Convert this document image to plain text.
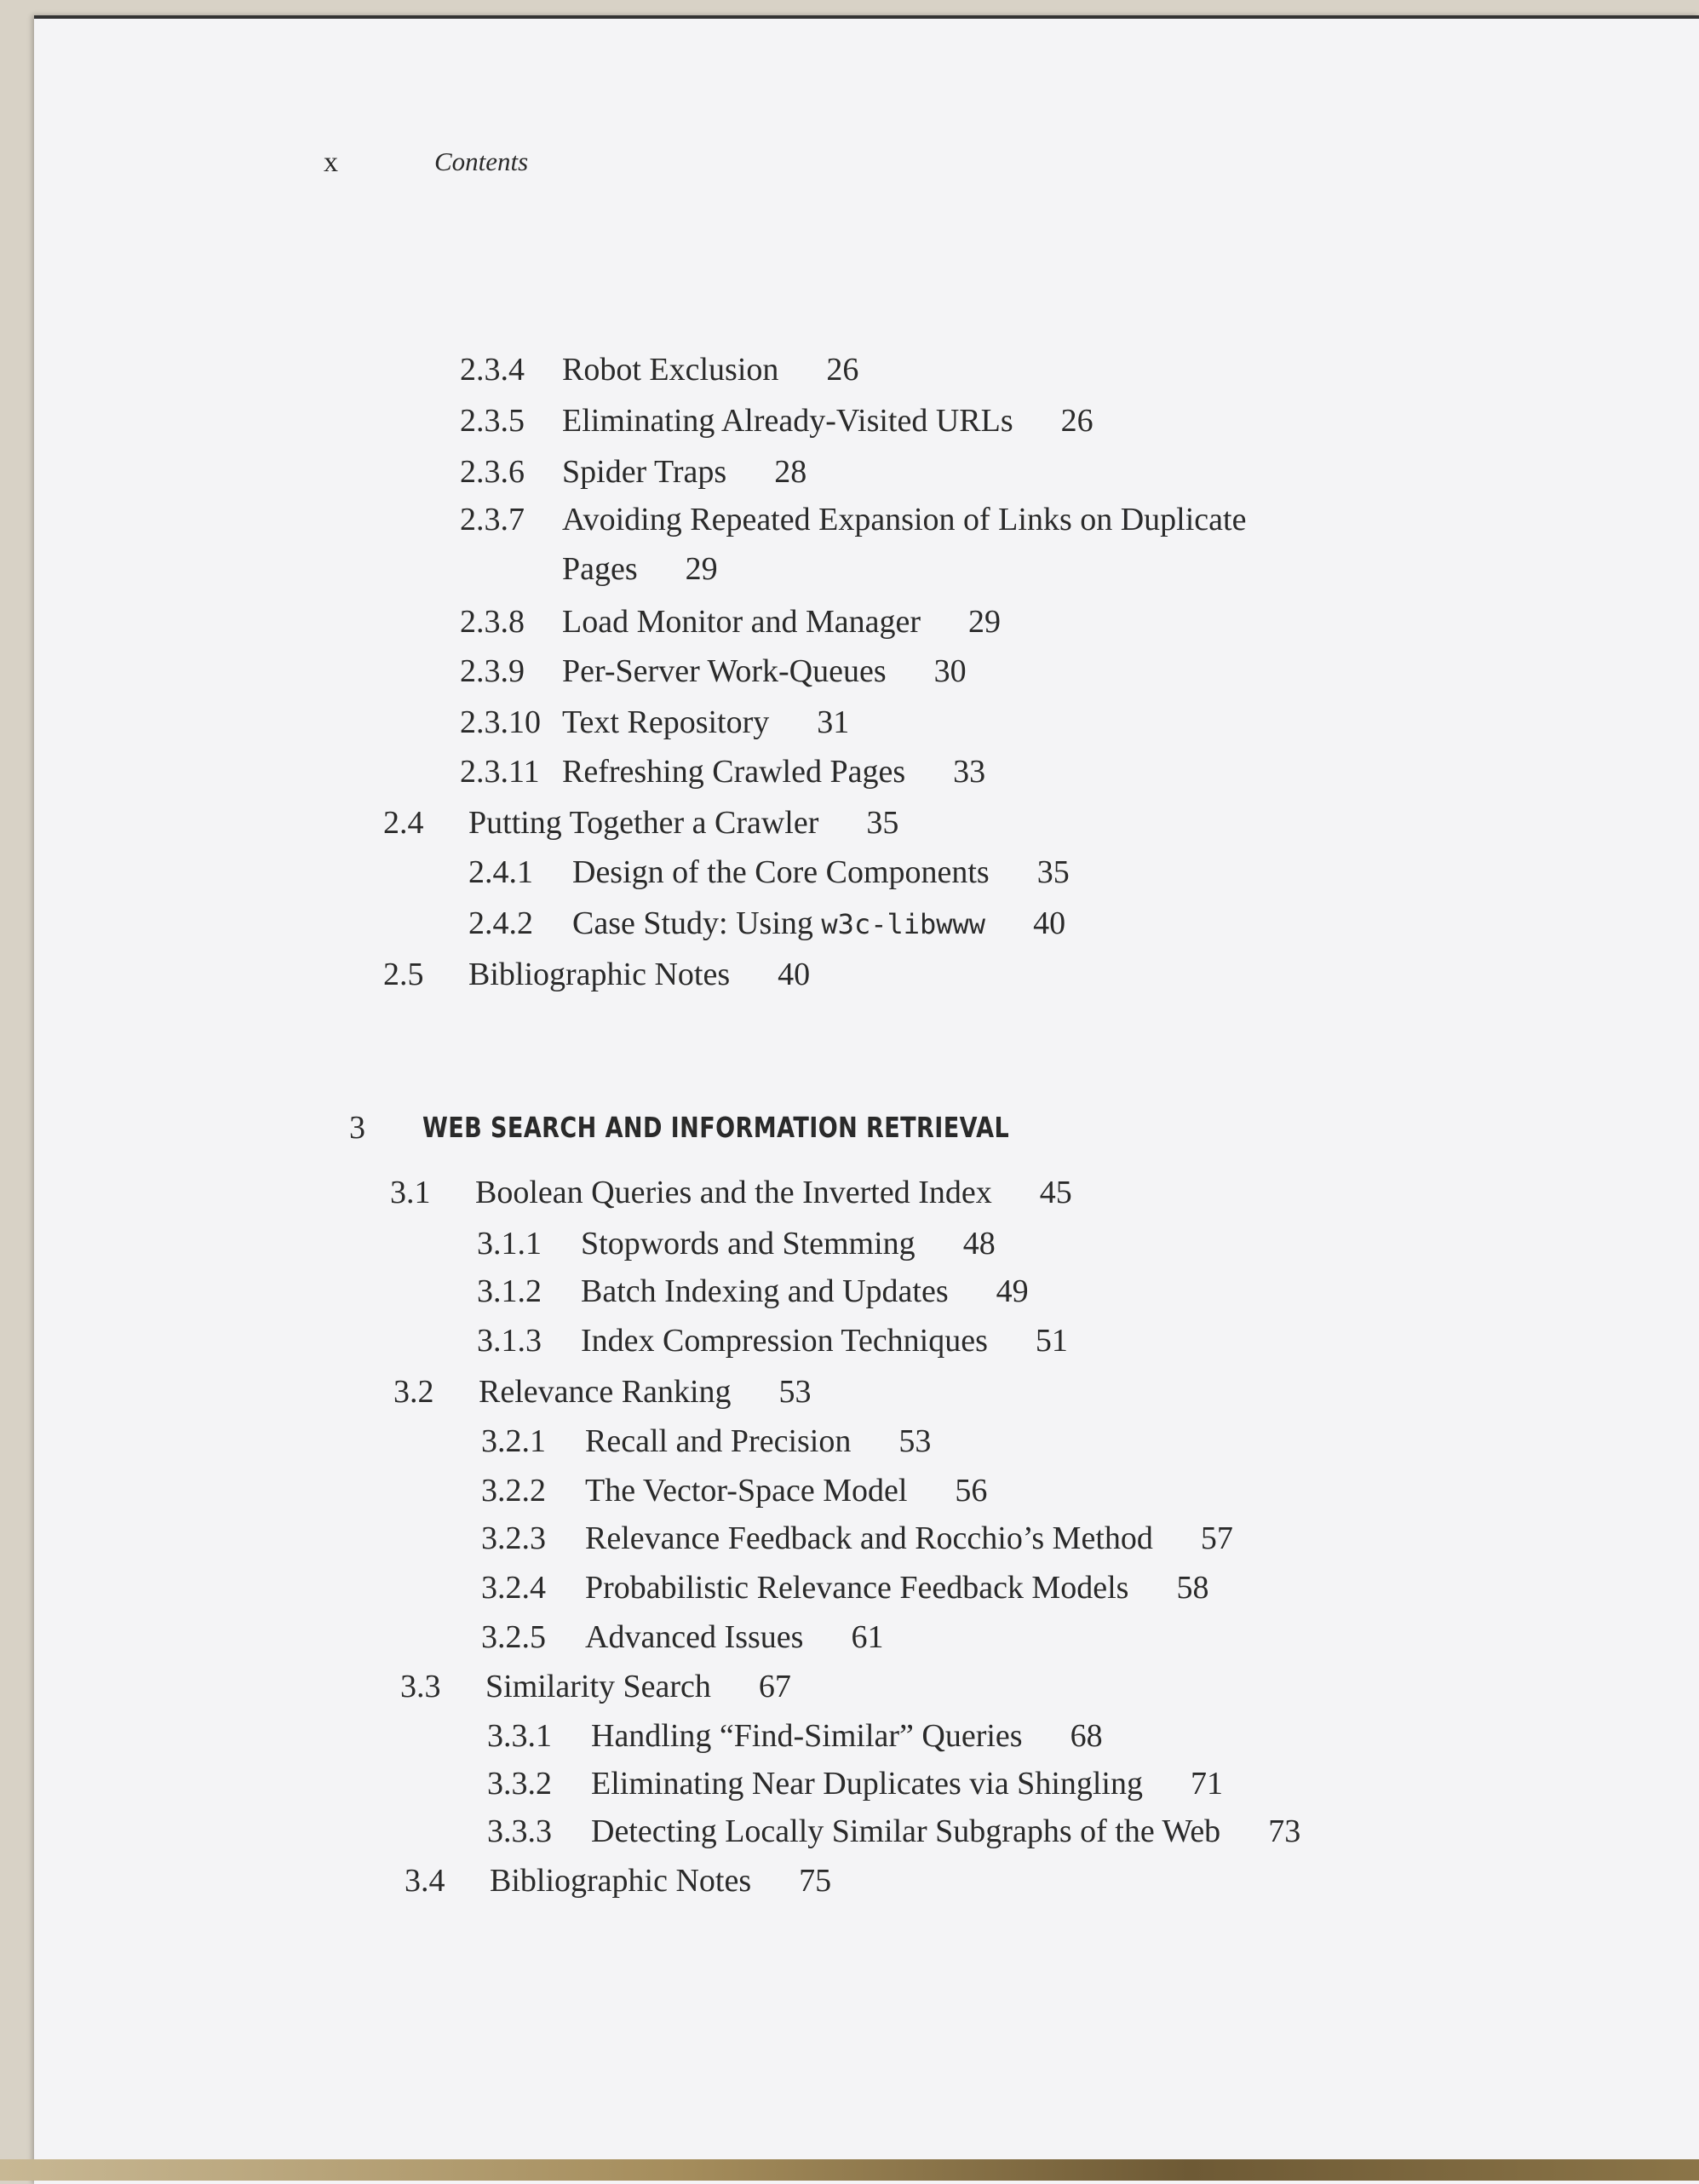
x	Contents
2.3.4 Robot Exclusion 26
2.3.5 Eliminating Already-Visited URLs 26
2.3.6 Spider Traps 28
2.3.7 Avoiding Repeated Expansion of Links on Duplicate
Pages 29
2.3.8 Load Monitor and Manager 29
2.3.9 Per-Server Work-Queues 30
2.3.10 Text Repository 31
2.3.11 Refreshing Crawled Pages 33
2.4 Putting Together a Crawler 35
2.4.1 Design of the Core Components 35
2.4.2 Case Study: Using w3c-libwww 40
2.5 Bibliographic Notes 40
3 WEB SEARCH AND INFORMATION RETRIEVAL
3.1 Boolean Queries and the Inverted Index 45
3.1.1 Stopwords and Stemming 48
3.1.2 Batch Indexing and Updates 49
3.1.3 Index Compression Techniques 51
3.2 Relevance Ranking 53
3.2.1 Recall and Precision 53
3.2.2 The Vector-Space Model 56
3.2.3 Relevance Feedback and Rocchio’s Method 57
3.2.4 Probabilistic Relevance Feedback Models 58
3.2.5 Advanced Issues 61
3.3 Similarity Search 67
3.3.1 Handling “Find-Similar” Queries 68
3.3.2 Eliminating Near Duplicates via Shingling 71
3.3.3 Detecting Locally Similar Subgraphs of the Web 73
3.4 Bibliographic Notes 75
